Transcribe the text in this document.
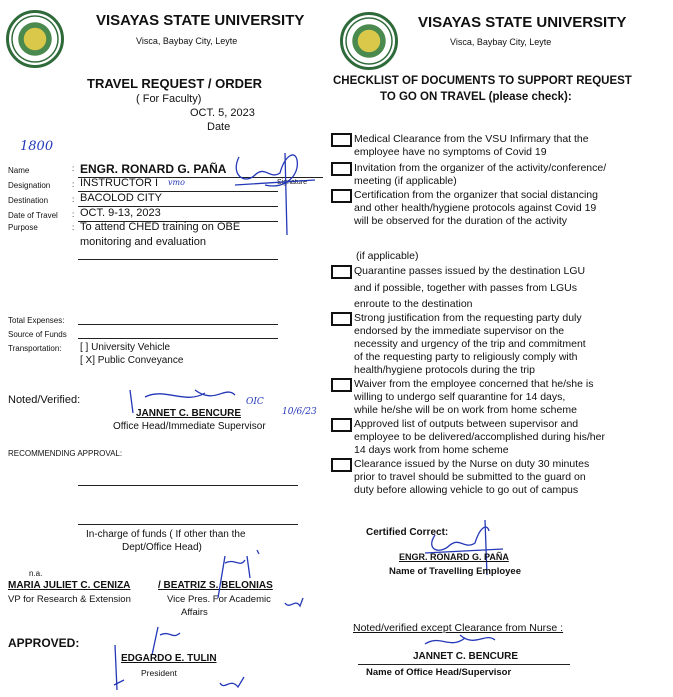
VISAYAS STATE UNIVERSITY
Visca, Baybay City, Leyte
TRAVEL REQUEST / ORDER
( For Faculty)
OCT. 5, 2023
Date
1800
Name	: ENGR. RONARD G. PAÑA
Designation	: INSTRUCTOR I vmo
Destination	: BACOLOD CITY
Date of Travel : OCT. 9-13, 2023
Purpose	: To attend CHED training on OBE
monitoring and evaluation
Signature
Total Expenses:
Source of Funds
Transportation: [ ] University Vehicle
[ X] Public Conveyance
Noted/Verified:
JANNET C. BENCURE
OIC
10/6/23
Office Head/Immediate Supervisor
RECOMMENDING APPROVAL:
In-charge of funds ( If other than the
Dept/Office Head)
n.a.
MARIA JULIET C. CENIZA	/ BEATRIZ S. BELONIAS
VP for Research & Extension	Vice Pres. For Academic
Affairs
APPROVED:
EDGARDO E. TULIN
President
VISAYAS STATE UNIVERSITY
Visca, Baybay City, Leyte
CHECKLIST OF DOCUMENTS TO SUPPORT REQUEST
TO GO ON TRAVEL (please check):
Medical Clearance from the VSU Infirmary that the
employee have no symptoms of Covid 19
Invitation from the organizer of the activity/conference/
meeting (if applicable)
Certification from the organizer that social distancing
and other health/hygiene protocols against Covid 19
will be observed for the duration of the activity
Quarantine passes issued by the destination LGU
and if possible, together with passes from LGUs
enroute to the destination
Strong justification from the requesting party duly
endorsed by the immediate supervisor on the
necessity and urgency of the trip and commitment
of the requesting party to religiously comply with
health/hygiene protocols during the trip
Waiver from the employee concerned that he/she is
willing to undergo self quarantine for 14 days,
while he/she will be on work from home scheme
Approved list of outputs between supervisor and
employee to be delivered/accomplished during his/her
14 days work from home scheme
Clearance issued by the Nurse on duty 30 minutes
prior to travel should be submitted to the guard on
duty before allowing vehicle to go out of campus
(if applicable)
Certified Correct:
ENGR. RONARD G. PAÑA
Name of Travelling Employee
Noted/verified except Clearance from Nurse :
JANNET C. BENCURE
Name of Office Head/Supervisor
